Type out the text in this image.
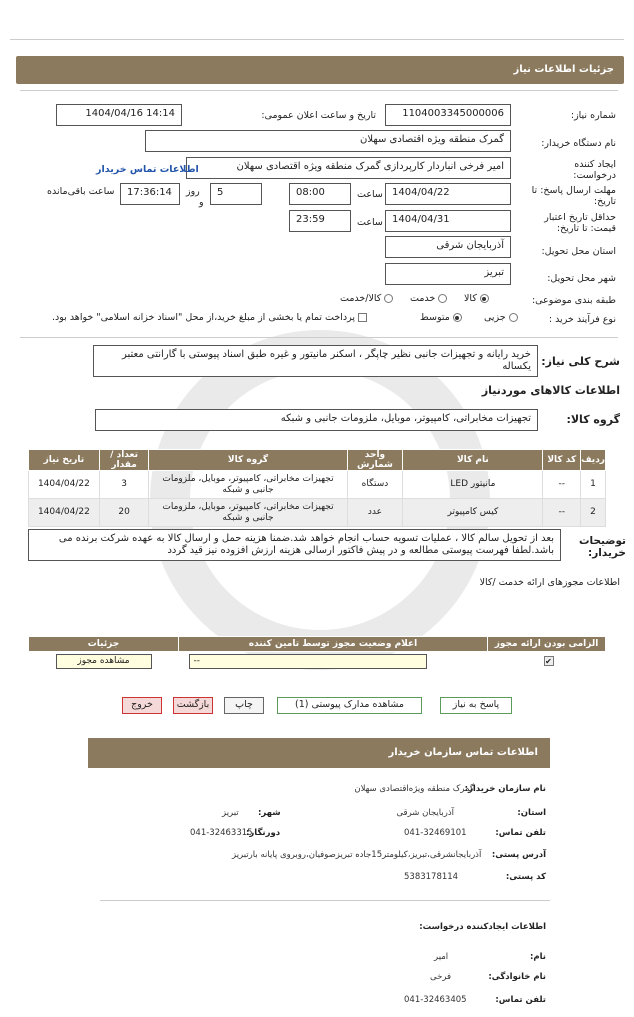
جزئیات اطلاعات نیاز
شماره نیاز:
1104003345000006
تاریخ و ساعت اعلان عمومی:
1404/04/16 14:14
نام دستگاه خریدار:
گمرک منطقه ویژه اقتصادی سهلان
ایجاد کننده درخواست:
امیر فرخی انباردار کارپردازی گمرک منطقه ویژه اقتصادی سهلان
اطلاعات تماس خریدار
مهلت ارسال پاسخ: تا تاریخ:
1404/04/22
ساعت
08:00
5
روز
و
17:36:14
ساعت باقی‌مانده
حداقل تاریخ اعتبار قیمت: تا تاریخ:
1404/04/31
ساعت
23:59
استان محل تحویل:
آذربایجان شرقی
شهر محل تحویل:
تبریز
طبقه بندی موضوعی:
کالا
خدمت
کالا/خدمت
نوع فرآیند خرید :
جزیی
متوسط
پرداخت تمام یا بخشی از مبلغ خرید،از محل "اسناد خزانه اسلامی" خواهد بود.
شرح کلی نیاز:
خرید رایانه و تجهیزات جانبی نظیر چاپگر ، اسکنر مانیتور و غیره طبق اسناد پیوستی با گارانتی معتبر یکساله
اطلاعات کالاهای موردنیاز
گروه کالا:
تجهیزات مخابراتی، کامپیوتر، موبایل، ملزومات جانبی و شبکه
ردیف	کد کالا	نام کالا	واحد شمارش	گروه کالا	تعداد / مقدار	تاریخ نیاز
1	--	مانیتور LED	دستگاه	تجهیزات مخابراتی، کامپیوتر، موبایل، ملزومات جانبی و شبکه	3	1404/04/22
2	--	کیس کامپیوتر	عدد	تجهیزات مخابراتی، کامپیوتر، موبایل، ملزومات جانبی و شبکه	20	1404/04/22
توضیحات خریدار:
بعد از تحویل سالم کالا ، عملیات تسویه حساب انجام خواهد شد.ضمنا هزینه حمل و ارسال کالا به عهده شرکت برنده می باشد.لطفا فهرست پیوستی مطالعه و در پیش فاکتور ارسالی هزینه ارزش افزوده نیز قید گردد
اطلاعات مجوزهای ارائه خدمت /کالا
الزامی بودن ارائه مجوز	اعلام وضعیت مجوز توسط تامین کننده	جزئیات
✔	--	مشاهده مجوز
پاسخ به نیاز
مشاهده مدارک پیوستی (1)
چاپ
بازگشت
خروج
اطلاعات تماس سازمان خریدار
نام سازمان خریدار:
گمرک منطقه ویژه‌اقتصادی سهلان
استان:
آذربایجان شرقی
شهر:
تبریز
تلفن تماس:
041-32469101
دورنگار:
041-32463315
آدرس پستی:
آذربایجانشرقی،تبریز،کیلومتر15جاده تبریزصوفیان،روبروی پایانه بارتبریز
کد پستی:
5383178114
اطلاعات ایجادکننده درخواست:
نام:
امیر
نام خانوادگی:
فرخی
تلفن تماس:
041-32463405
